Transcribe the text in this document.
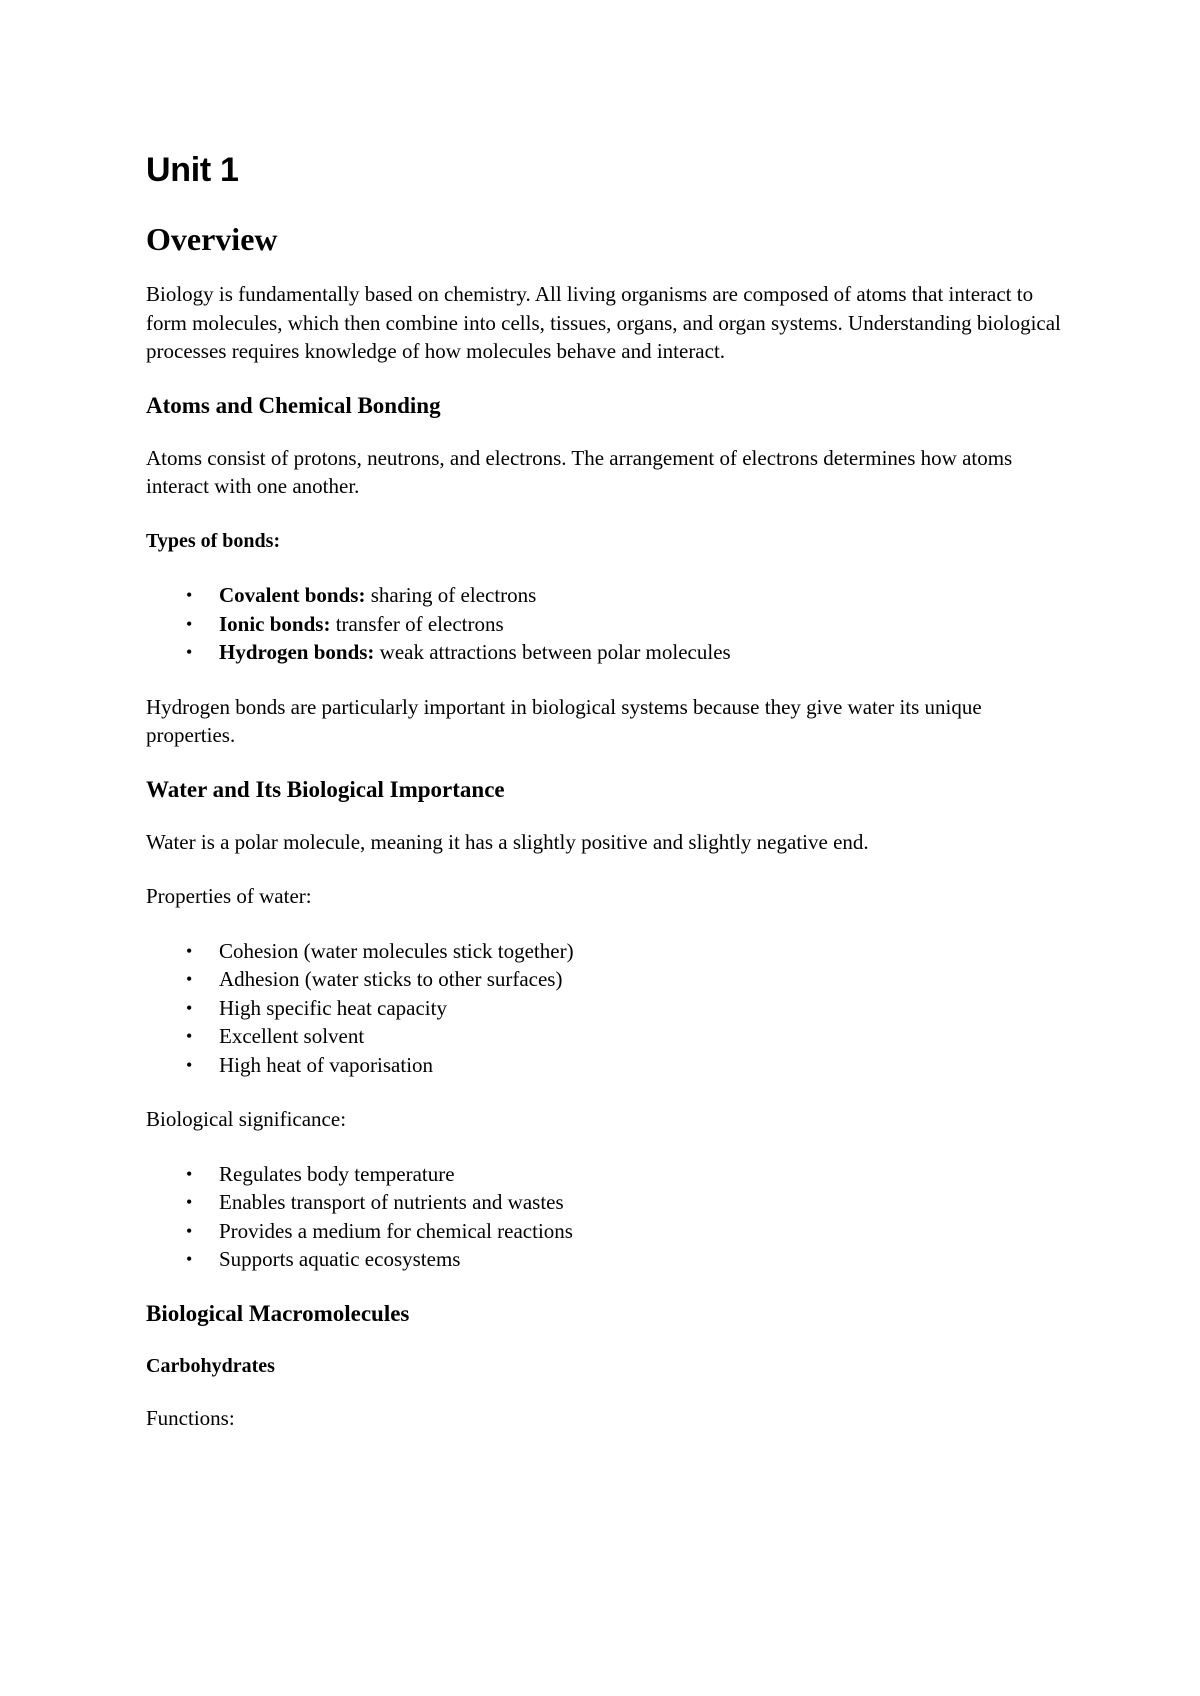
Unit 1
Overview

Biology is fundamentally based on chemistry. All living organisms are composed of atoms that interact to form molecules, which then combine into cells, tissues, organs, and organ systems. Understanding biological processes requires knowledge of how molecules behave and interact.

Atoms and Chemical Bonding

Atoms consist of protons, neutrons, and electrons. The arrangement of electrons determines how atoms interact with one another.

Types of bonds:

• Covalent bonds: sharing of electrons
• Ionic bonds: transfer of electrons
• Hydrogen bonds: weak attractions between polar molecules

Hydrogen bonds are particularly important in biological systems because they give water its unique properties.

Water and Its Biological Importance

Water is a polar molecule, meaning it has a slightly positive and slightly negative end.

Properties of water:

• Cohesion (water molecules stick together)
• Adhesion (water sticks to other surfaces)
• High specific heat capacity
• Excellent solvent
• High heat of vaporisation

Biological significance:

• Regulates body temperature
• Enables transport of nutrients and wastes
• Provides a medium for chemical reactions
• Supports aquatic ecosystems
Biological Macromolecules
Carbohydrates

Functions:
